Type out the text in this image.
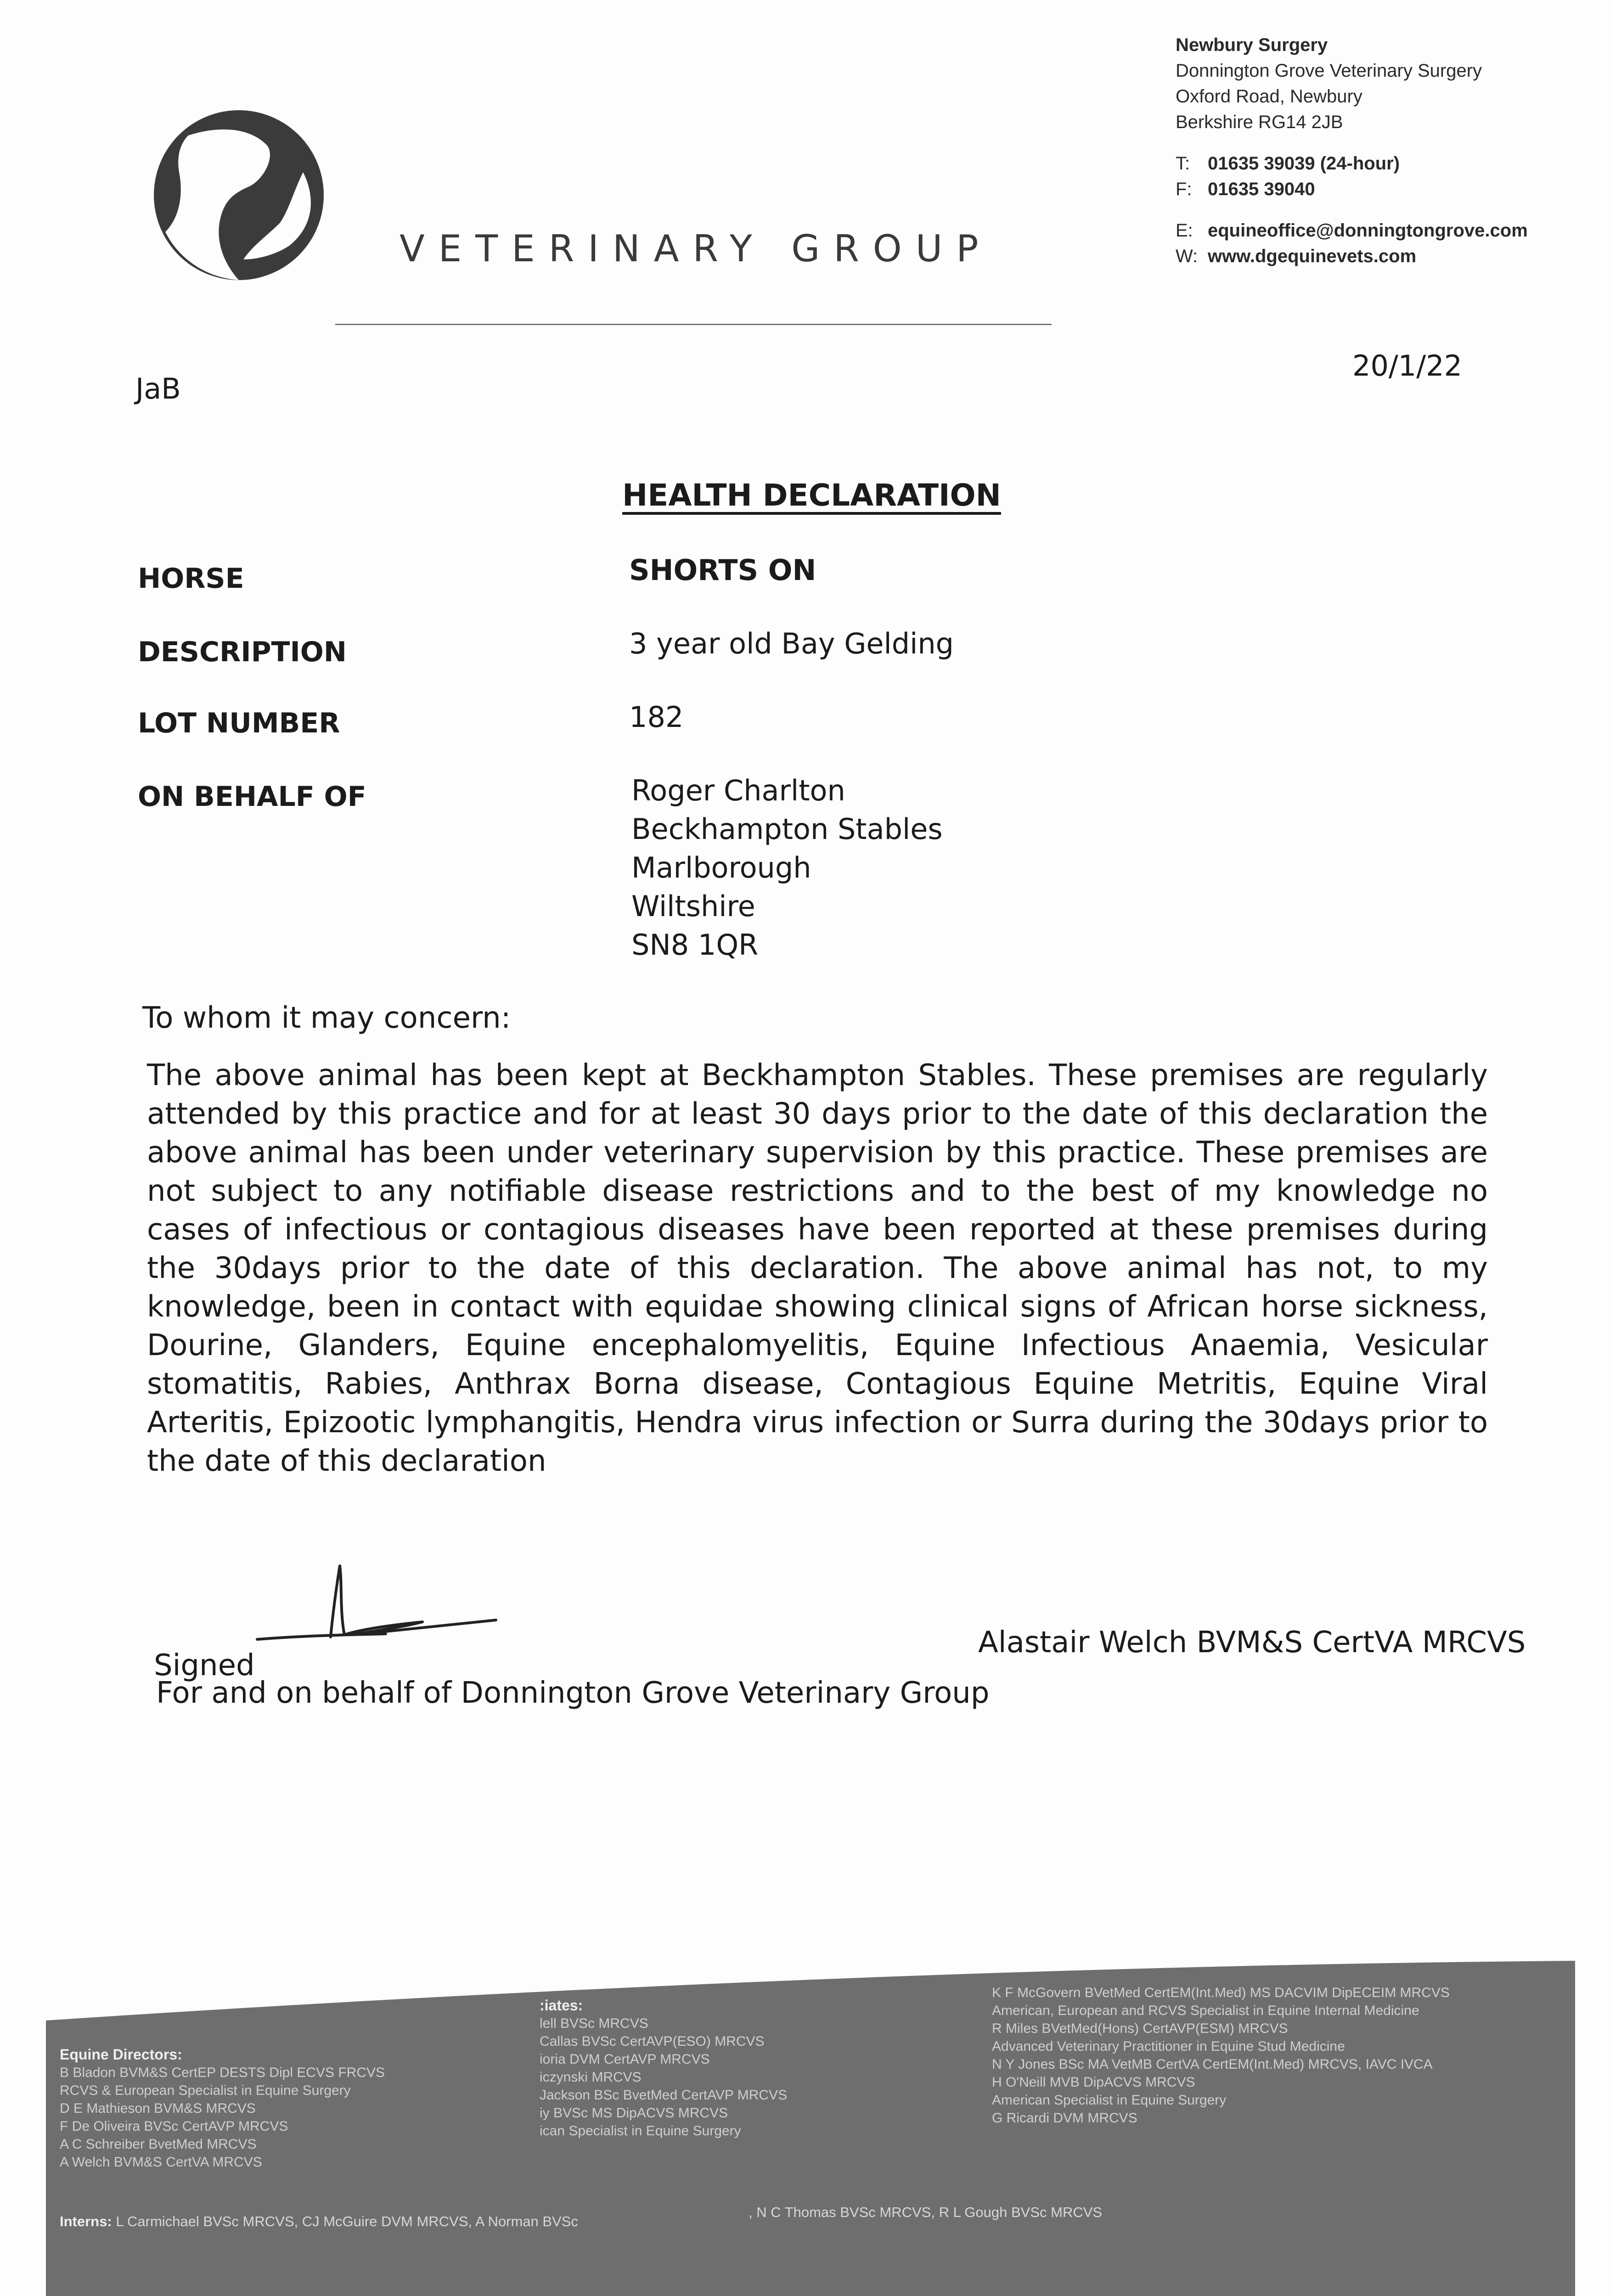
VETERINARY GROUP
Newbury Surgery
Donnington Grove Veterinary Surgery
Oxford Road, Newbury
Berkshire RG14 2JB
T: 01635 39039 (24-hour)
F: 01635 39040
E: equineoffice@donningtongrove.com
W: www.dgequinevets.com
JaB
20/1/22
HEALTH DECLARATION
HORSE	SHORTS ON
DESCRIPTION	3 year old Bay Gelding
LOT NUMBER	182
ON BEHALF OF	Roger Charlton
Beckhampton Stables
Marlborough
Wiltshire
SN8 1QR
To whom it may concern:
The above animal has been kept at Beckhampton Stables. These premises are regularly attended by this practice and for at least 30 days prior to the date of this declaration the above animal has been under veterinary supervision by this practice. These premises are not subject to any notifiable disease restrictions and to the best of my knowledge no cases of infectious or contagious diseases have been reported at these premises during the 30days prior to the date of this declaration. The above animal has not, to my knowledge, been in contact with equidae showing clinical signs of African horse sickness, Dourine, Glanders, Equine encephalomyelitis, Equine Infectious Anaemia, Vesicular stomatitis, Rabies, Anthrax Borna disease, Contagious Equine Metritis, Equine Viral Arteritis, Epizootic lymphangitis, Hendra virus infection or Surra during the 30days prior to the date of this declaration
Signed
For and on behalf of Donnington Grove Veterinary Group
Alastair Welch BVM&S CertVA MRCVS
Equine Directors:
B Bladon BVM&S CertEP DESTS Dipl ECVS FRCVS
RCVS & European Specialist in Equine Surgery
D E Mathieson BVM&S MRCVS
F De Oliveira BVSc CertAVP MRCVS
A C Schreiber BvetMed MRCVS
A Welch BVM&S CertVA MRCVS
:iates:
lell BVSc MRCVS
Callas BVSc CertAVP(ESO) MRCVS
ioria DVM CertAVP MRCVS
iczynski MRCVS
Jackson BSc BvetMed CertAVP MRCVS
iy BVSc MS DipACVS MRCVS
ican Specialist in Equine Surgery
K F McGovern BVetMed CertEM(Int.Med) MS DACVIM DipECEIM MRCVS
American, European and RCVS Specialist in Equine Internal Medicine
R Miles BVetMed(Hons) CertAVP(ESM) MRCVS
Advanced Veterinary Practitioner in Equine Stud Medicine
N Y Jones BSc MA VetMB CertVA CertEM(Int.Med) MRCVS, IAVC IVCA
H O'Neill MVB DipACVS MRCVS
American Specialist in Equine Surgery
G Ricardi DVM MRCVS
Interns: L Carmichael BVSc MRCVS, CJ McGuire DVM MRCVS, A Norman BVSc
, N C Thomas BVSc MRCVS, R L Gough BVSc MRCVS
